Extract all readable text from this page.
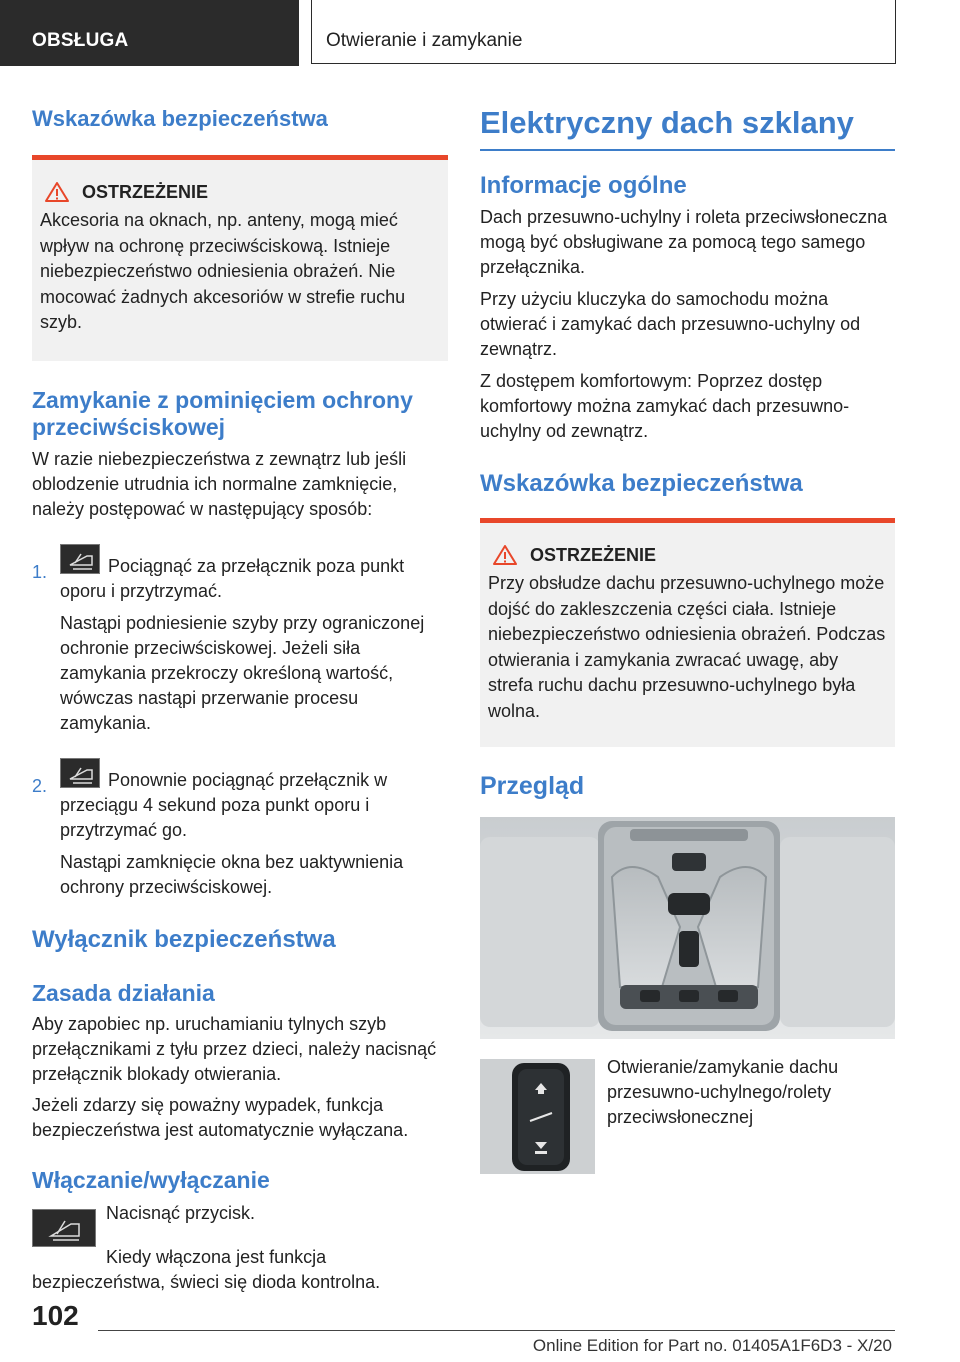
OBSŁUGA	Otwieranie i zamykanie
Wskazówka bezpieczeństwa
OSTRZEŻENIE

Akcesoria na oknach, np. anteny, mogą mieć wpływ na ochronę przeciwściskową. Istnieje niebezpieczeństwo odniesienia obrażeń. Nie mocować żadnych akcesoriów w strefie ruchu szyb.

Zamykanie z pominięciem ochrony przeciwściskowej

W razie niebezpieczeństwa z zewnątrz lub jeśli oblodzenie utrudnia ich normalne zamknięcie, należy postępować w następujący sposób:

1.	Pociągnąć za przełącznik poza punkt oporu i przytrzymać.

Nastąpi podniesienie szyby przy ograniczonej ochronie przeciwściskowej. Jeżeli siła zamykania przekroczy określoną wartość, wówczas nastąpi przerwanie procesu zamykania.

2.	Ponownie pociągnąć przełącznik w przeciągu 4 sekund poza punkt oporu i przytrzymać go.

Nastąpi zamknięcie okna bez uaktywnienia ochrony przeciwściskowej.

Wyłącznik bezpieczeństwa
Zasada działania

Aby zapobiec np. uruchamianiu tylnych szyb przełącznikami z tyłu przez dzieci, należy nacisnąć przełącznik blokady otwierania.

Jeżeli zdarzy się poważny wypadek, funkcja bezpieczeństwa jest automatycznie wyłączana.

Włączanie/wyłączanie

Nacisnąć przycisk.

Kiedy włączona jest funkcja bezpieczeństwa, świeci się dioda kontrolna.

Elektryczny dach szklany
Informacje ogólne

Dach przesuwno-uchylny i roleta przeciwsłoneczna mogą być obsługiwane za pomocą tego samego przełącznika.

Przy użyciu kluczyka do samochodu można otwierać i zamykać dach przesuwno-uchylny od zewnątrz.

Z dostępem komfortowym: Poprzez dostęp komfortowy można zamykać dach przesuwno-uchylny od zewnątrz.

Wskazówka bezpieczeństwa
OSTRZEŻENIE

Przy obsłudze dachu przesuwno-uchylnego może dojść do zakleszczenia części ciała. Istnieje niebezpieczeństwo odniesienia obrażeń. Podczas otwierania i zamykania zwracać uwagę, aby strefa ruchu dachu przesuwno-uchylnego była wolna.

Przegląd

Otwieranie/zamykanie dachu przesuwno-uchylnego/rolety przeciwsłonecznej

102
Online Edition for Part no. 01405A1F6D3 - X/20
